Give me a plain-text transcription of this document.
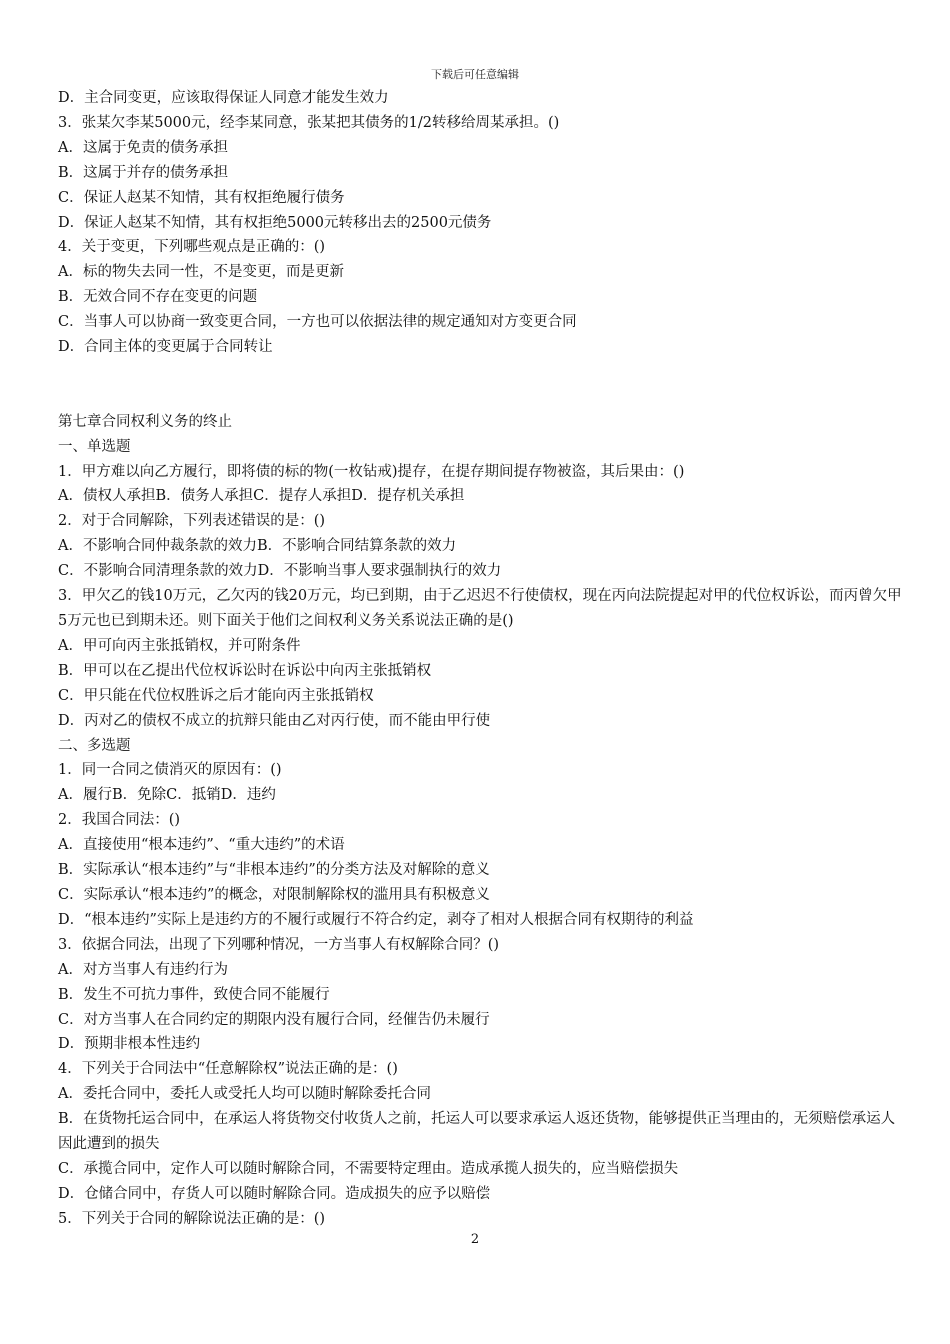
下载后可任意编辑
D．主合同变更，应该取得保证人同意才能发生效力
3．张某欠李某5000元，经李某同意，张某把其债务的1/2转移给周某承担。()
A．这属于免责的债务承担
B．这属于并存的债务承担
C．保证人赵某不知情，其有权拒绝履行债务
D．保证人赵某不知情，其有权拒绝5000元转移出去的2500元债务
4．关于变更，下列哪些观点是正确的：()
A．标的物失去同一性，不是变更，而是更新
B．无效合同不存在变更的问题
C．当事人可以协商一致变更合同，一方也可以依据法律的规定通知对方变更合同
D．合同主体的变更属于合同转让
第七章合同权利义务的终止
一、单选题
1．甲方难以向乙方履行，即将债的标的物(一枚钻戒)提存，在提存期间提存物被盗，其后果由：()
A．债权人承担B．债务人承担C．提存人承担D．提存机关承担
2．对于合同解除，下列表述错误的是：()
A．不影响合同仲裁条款的效力B．不影响合同结算条款的效力
C．不影响合同清理条款的效力D．不影响当事人要求强制执行的效力
3．甲欠乙的钱10万元，乙欠丙的钱20万元，均已到期，由于乙迟迟不行使债权，现在丙向法院提起对甲的代位权诉讼，而丙曾欠甲5万元也已到期未还。则下面关于他们之间权利义务关系说法正确的是()
A．甲可向丙主张抵销权，并可附条件
B．甲可以在乙提出代位权诉讼时在诉讼中向丙主张抵销权
C．甲只能在代位权胜诉之后才能向丙主张抵销权
D．丙对乙的债权不成立的抗辩只能由乙对丙行使，而不能由甲行使
二、多选题
1．同一合同之债消灭的原因有：()
A．履行B．免除C．抵销D．违约
2．我国合同法：()
A．直接使用“根本违约”、“重大违约”的术语
B．实际承认“根本违约”与“非根本违约”的分类方法及对解除的意义
C．实际承认“根本违约”的概念，对限制解除权的滥用具有积极意义
D．“根本违约”实际上是违约方的不履行或履行不符合约定，剥夺了相对人根据合同有权期待的利益
3．依据合同法，出现了下列哪种情况，一方当事人有权解除合同？()
A．对方当事人有违约行为
B．发生不可抗力事件，致使合同不能履行
C．对方当事人在合同约定的期限内没有履行合同，经催告仍未履行
D．预期非根本性违约
4．下列关于合同法中“任意解除权”说法正确的是：()
A．委托合同中，委托人或受托人均可以随时解除委托合同
B．在货物托运合同中，在承运人将货物交付收货人之前，托运人可以要求承运人返还货物，能够提供正当理由的，无须赔偿承运人因此遭到的损失
C．承揽合同中，定作人可以随时解除合同，不需要特定理由。造成承揽人损失的，应当赔偿损失
D．仓储合同中，存货人可以随时解除合同。造成损失的应予以赔偿
5．下列关于合同的解除说法正确的是：()
2
